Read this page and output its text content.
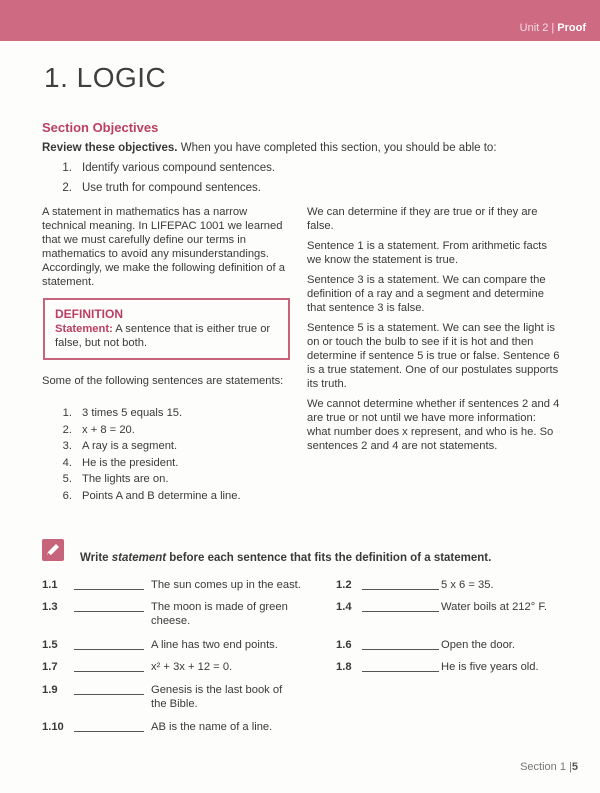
Unit 2 | Proof
1. LOGIC
Section Objectives
Review these objectives. When you have completed this section, you should be able to:
1. Identify various compound sentences.
2. Use truth for compound sentences.

A statement in mathematics has a narrow technical meaning. In LIFEPAC 1001 we learned that we must carefully define our terms in mathematics to avoid any misunderstandings. Accordingly, we make the following definition of a statement.

DEFINITION

Statement: A sentence that is either true or false, but not both.

Some of the following sentences are statements:

1. 3 times 5 equals 15.
2. x + 8 = 20.
3. A ray is a segment.
4. He is the president.
5. The lights are on.
6. Points A and B determine a line.

We can determine if they are true or if they are false.

Sentence 1 is a statement. From arithmetic facts we know the statement is true.

Sentence 3 is a statement. We can compare the definition of a ray and a segment and determine that sentence 3 is false.

Sentence 5 is a statement. We can see the light is on or touch the bulb to see if it is hot and then determine if sentence 5 is true or false. Sentence 6 is a true statement. One of our postulates supports its truth.

We cannot determine whether if sentences 2 and 4 are true or not until we have more information: what number does x represent, and who is he. So sentences 2 and 4 are not statements.

Write statement before each sentence that fits the definition of a statement.
1.1	The sun comes up in the east.
1.3	The moon is made of green cheese.
1.5	A line has two end points.
1.7	x² + 3x + 12 = 0.
1.9	Genesis is the last book of the Bible.
1.10	AB is the name of a line.
1.2	5 x 6 = 35.
1.4	Water boils at 212° F.
1.6	Open the door.
1.8	He is five years old.
Section 1 |5
